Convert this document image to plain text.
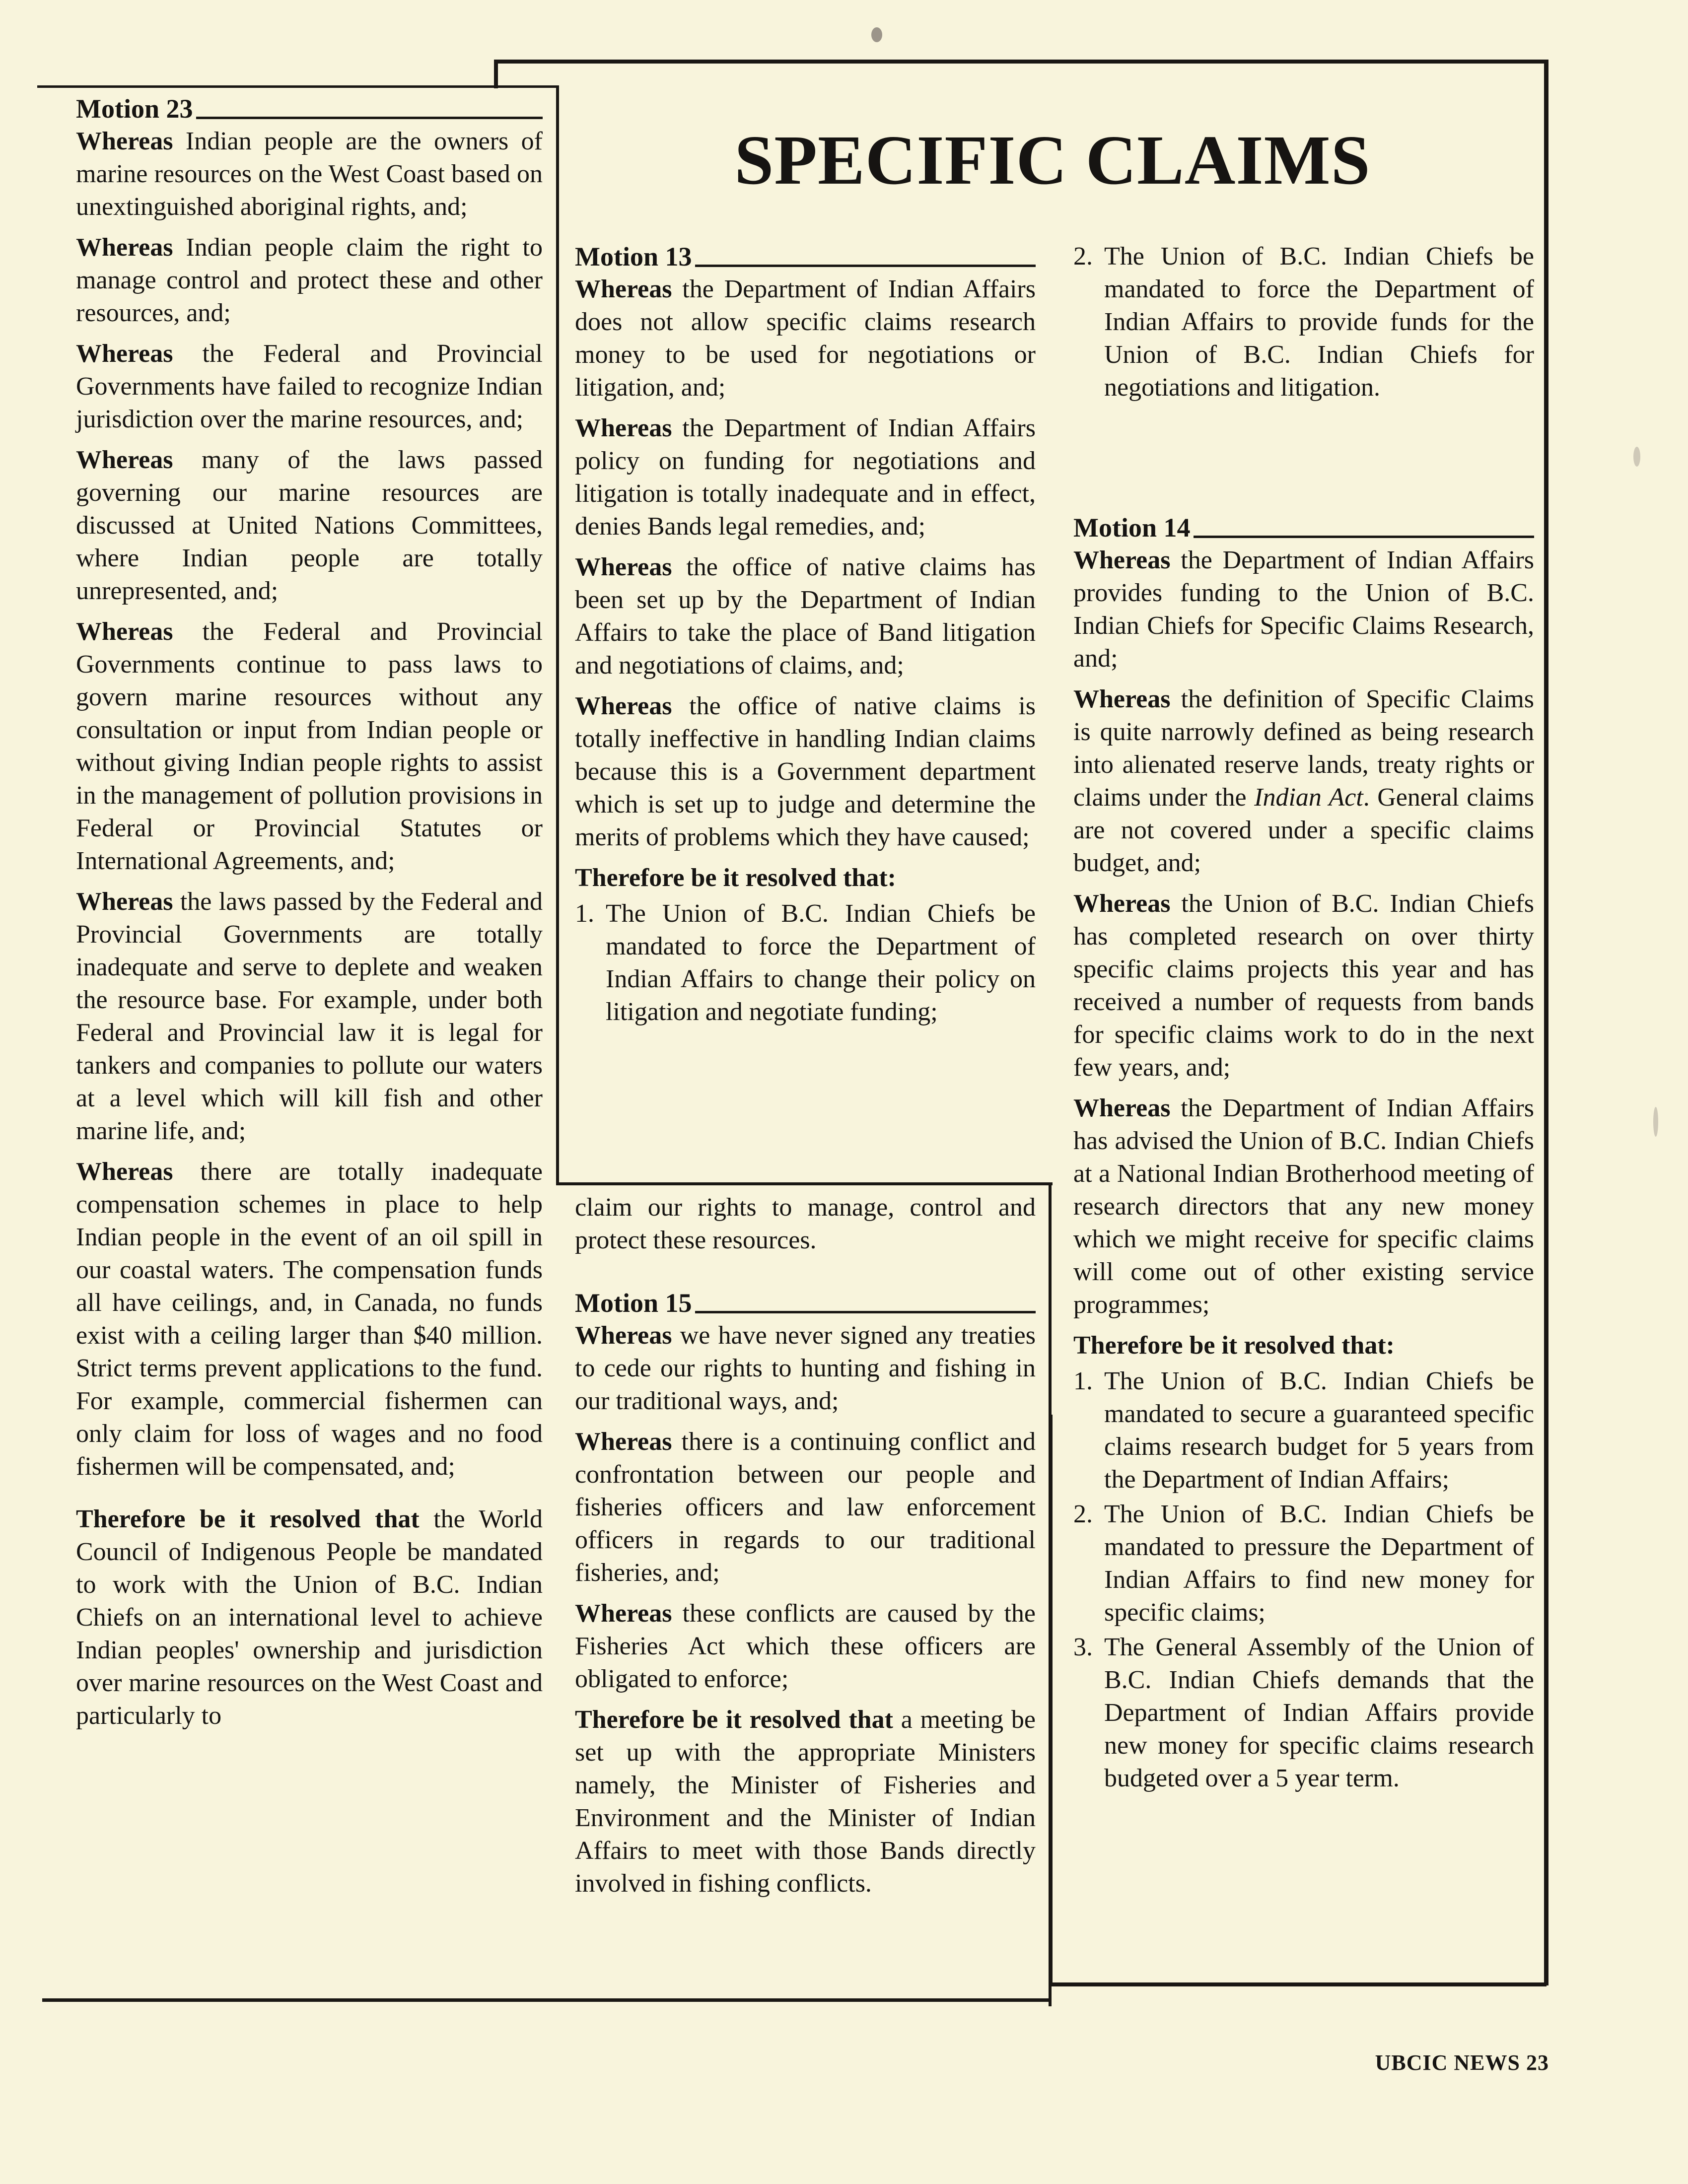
SPECIFIC CLAIMS
Motion 23

Whereas Indian people are the owners of marine resources on the West Coast based on unextinguished aboriginal rights, and;

Whereas Indian people claim the right to manage control and protect these and other resources, and;

Whereas the Federal and Provincial Governments have failed to recognize Indian jurisdiction over the marine resources, and;

Whereas many of the laws passed governing our marine resources are discussed at United Nations Committees, where Indian people are totally unrepresented, and;

Whereas the Federal and Provincial Governments continue to pass laws to govern marine resources without any consultation or input from Indian people or without giving Indian people rights to assist in the management of pollution provisions in Federal or Provincial Statutes or International Agreements, and;

Whereas the laws passed by the Federal and Provincial Governments are totally inadequate and serve to deplete and weaken the resource base. For example, under both Federal and Provincial law it is legal for tankers and companies to pollute our waters at a level which will kill fish and other marine life, and;

Whereas there are totally inadequate compensation schemes in place to help Indian people in the event of an oil spill in our coastal waters. The compensation funds all have ceilings, and, in Canada, no funds exist with a ceiling larger than $40 million. Strict terms prevent applications to the fund. For example, commercial fishermen can only claim for loss of wages and no food fishermen will be compensated, and;

Therefore be it resolved that the World Council of Indigenous People be mandated to work with the Union of B.C. Indian Chiefs on an international level to achieve Indian peoples' ownership and jurisdiction over marine resources on the West Coast and particularly to

Motion 13

Whereas the Department of Indian Affairs does not allow specific claims research money to be used for negotiations or litigation, and;

Whereas the Department of Indian Affairs policy on funding for negotiations and litigation is totally inadequate and in effect, denies Bands legal remedies, and;

Whereas the office of native claims has been set up by the Department of Indian Affairs to take the place of Band litigation and negotiations of claims, and;

Whereas the office of native claims is totally ineffective in handling Indian claims because this is a Government department which is set up to judge and determine the merits of problems which they have caused;

Therefore be it resolved that:
1. The Union of B.C. Indian Chiefs be mandated to force the Department of Indian Affairs to change their policy on litigation and negotiate funding;

claim our rights to manage, control and protect these resources.

Motion 15

Whereas we have never signed any treaties to cede our rights to hunting and fishing in our traditional ways, and;

Whereas there is a continuing conflict and confrontation between our people and fisheries officers and law enforcement officers in regards to our traditional fisheries, and;

Whereas these conflicts are caused by the Fisheries Act which these officers are obligated to enforce;

Therefore be it resolved that a meeting be set up with the appropriate Ministers namely, the Minister of Fisheries and Environment and the Minister of Indian Affairs to meet with those Bands directly involved in fishing conflicts.

2. The Union of B.C. Indian Chiefs be mandated to force the Department of Indian Affairs to provide funds for the Union of B.C. Indian Chiefs for negotiations and litigation.
Motion 14

Whereas the Department of Indian Affairs provides funding to the Union of B.C. Indian Chiefs for Specific Claims Research, and;

Whereas the definition of Specific Claims is quite narrowly defined as being research into alienated reserve lands, treaty rights or claims under the Indian Act. General claims are not covered under a specific claims budget, and;

Whereas the Union of B.C. Indian Chiefs has completed research on over thirty specific claims projects this year and has received a number of requests from bands for specific claims work to do in the next few years, and;

Whereas the Department of Indian Affairs has advised the Union of B.C. Indian Chiefs at a National Indian Brotherhood meeting of research directors that any new money which we might receive for specific claims will come out of other existing service programmes;

Therefore be it resolved that:
1. The Union of B.C. Indian Chiefs be mandated to secure a guaranteed specific claims research budget for 5 years from the Department of Indian Affairs;
2. The Union of B.C. Indian Chiefs be mandated to pressure the Department of Indian Affairs to find new money for specific claims;
3. The General Assembly of the Union of B.C. Indian Chiefs demands that the Department of Indian Affairs provide new money for specific claims research budgeted over a 5 year term.
UBCIC NEWS 23
